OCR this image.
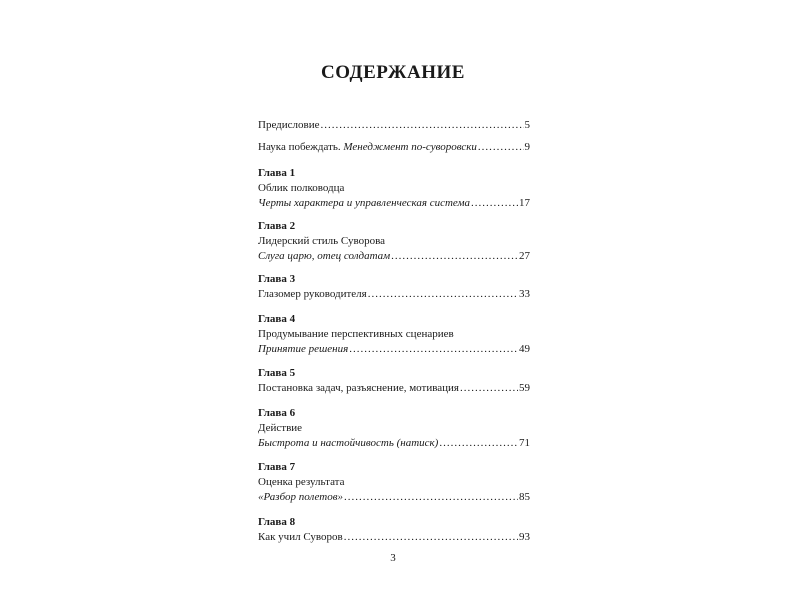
СОДЕРЖАНИЕ
Предисловие .....	5
Наука побеждать. Менеджмент по-суворовски .....	9
Глава 1
Облик полководца
Черты характера и управленческая система .....	17
Глава 2
Лидерский стиль Суворова
Слуга царю, отец солдатам .....	27
Глава 3
Глазомер руководителя .....	33
Глава 4
Продумывание перспективных сценариев
Принятие решения .....	49
Глава 5
Постановка задач, разъяснение, мотивация .....	59
Глава 6
Действие
Быстрота и настойчивость (натиск) .....	71
Глава 7
Оценка результата
«Разбор полетов» .....	85
Глава 8
Как учил Суворов .....	93
3
